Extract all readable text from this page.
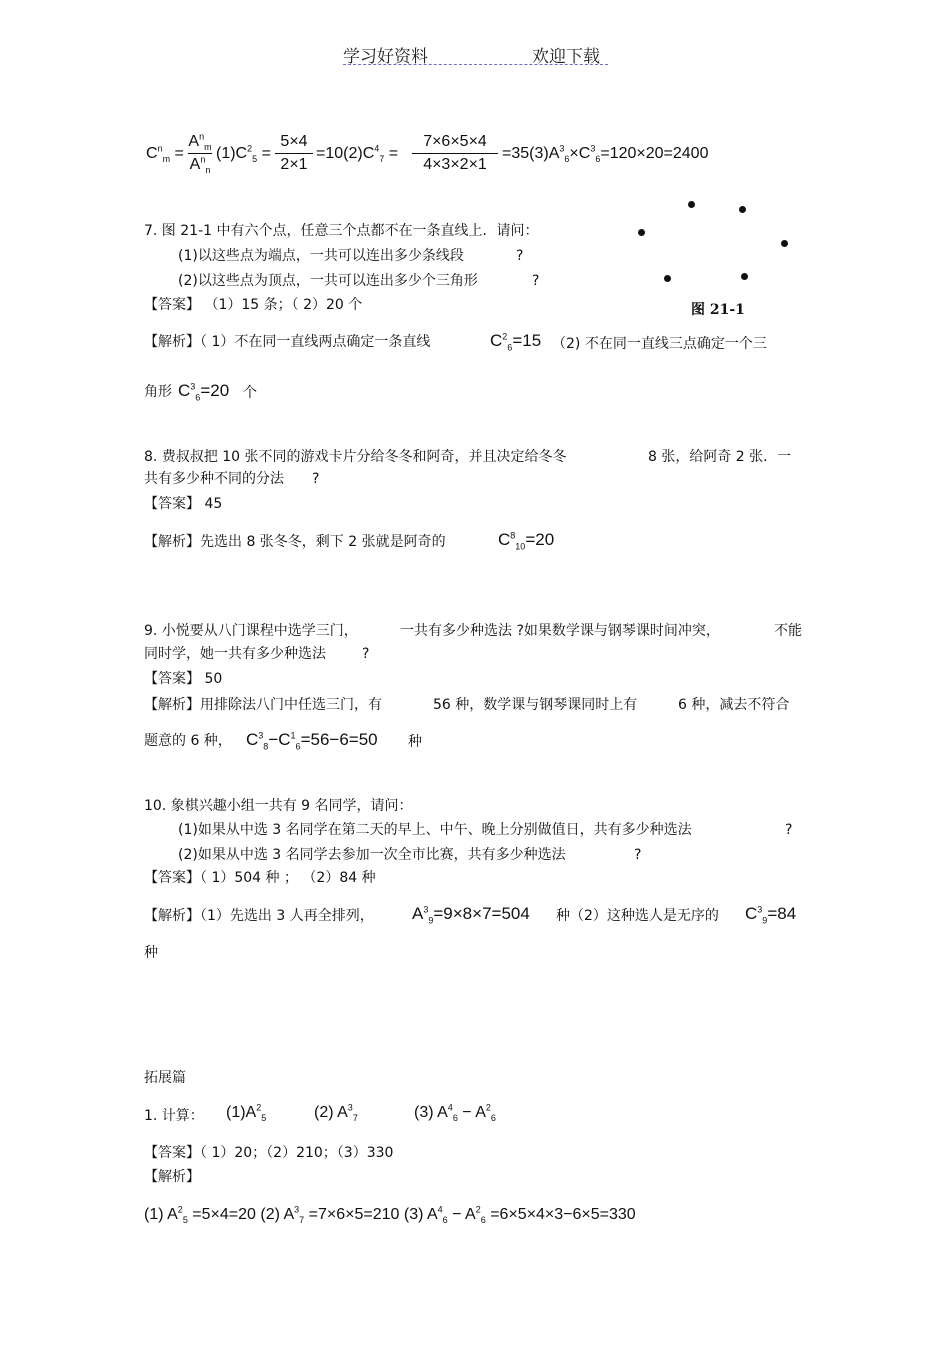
学习好资料	欢迎下载
$C^n_m$ =
$A^n_m$
$A^n_n$
$(1)C^2_5$ =
5×4
2×1
$=10(2)C^4_7$ =
7×6×5×4
4×3×2×1
$=35(3)A^3_6\times C^3_6=120\times 20=2400$
7. 图 21-1 中有六个点，任意三个点都不在一条直线上．请问：
(1)以这些点为端点，一共可以连出多少条线段	?
(2)以这些点为顶点，一共可以连出多少个三角形	?
【答案】 （1）15 条；（ 2）20 个	图 21-1
【解析】（ 1）不在同一直线两点确定一条直线	$C^2_6=15$ （2) 不在同一直线三点确定一个三
角形 $C^3_6=20$ 个
8. 费叔叔把 10 张不同的游戏卡片分给冬冬和阿奇，并且决定给冬冬	8 张，给阿奇 2 张．一
共有多少种不同的分法 ?
【答案】 45
【解析】先选出 8 张冬冬，剩下 2 张就是阿奇的	$C^8_{10}=20$
9. 小悦要从八门课程中选学三门，	一共有多少种选法 ?如果数学课与钢琴课时间冲突，	不能
同时学，她一共有多少种选法	?
【答案】 50
【解析】用排除法八门中任选三门，有	56 种，数学课与钢琴课同时上有	6 种，减去不符合
题意的 6 种， $C^3_8-C^1_6=56-6=50$ 种
10. 象棋兴趣小组一共有 9 名同学，请问：
(1)如果从中选 3 名同学在第二天的早上、中午、晚上分别做值日，共有多少种选法	?
(2)如果从中选 3 名同学去参加一次全市比赛，共有多少种选法	?
【答案】（ 1）504 种 ； （2）84 种
【解析】（1）先选出 3 人再全排列， $A^3_9=9\times 8\times 7=504$ 种（2）这种选人是无序的 $C^3_9=84$
种
拓展篇
1. 计算： $(1)A^2_5$	(2) $A^3_7$	(3) $A^4_6 - A^2_6$
【答案】（ 1）20；（2）210；（3）330
【解析】
(1) $A^2_5 =5\times 4=20$ (2) $A^3_7 =7\times 6\times 5=210$ (3) $A^4_6 - A^2_6 =6\times 5\times 4\times 3-6\times 5=330$
